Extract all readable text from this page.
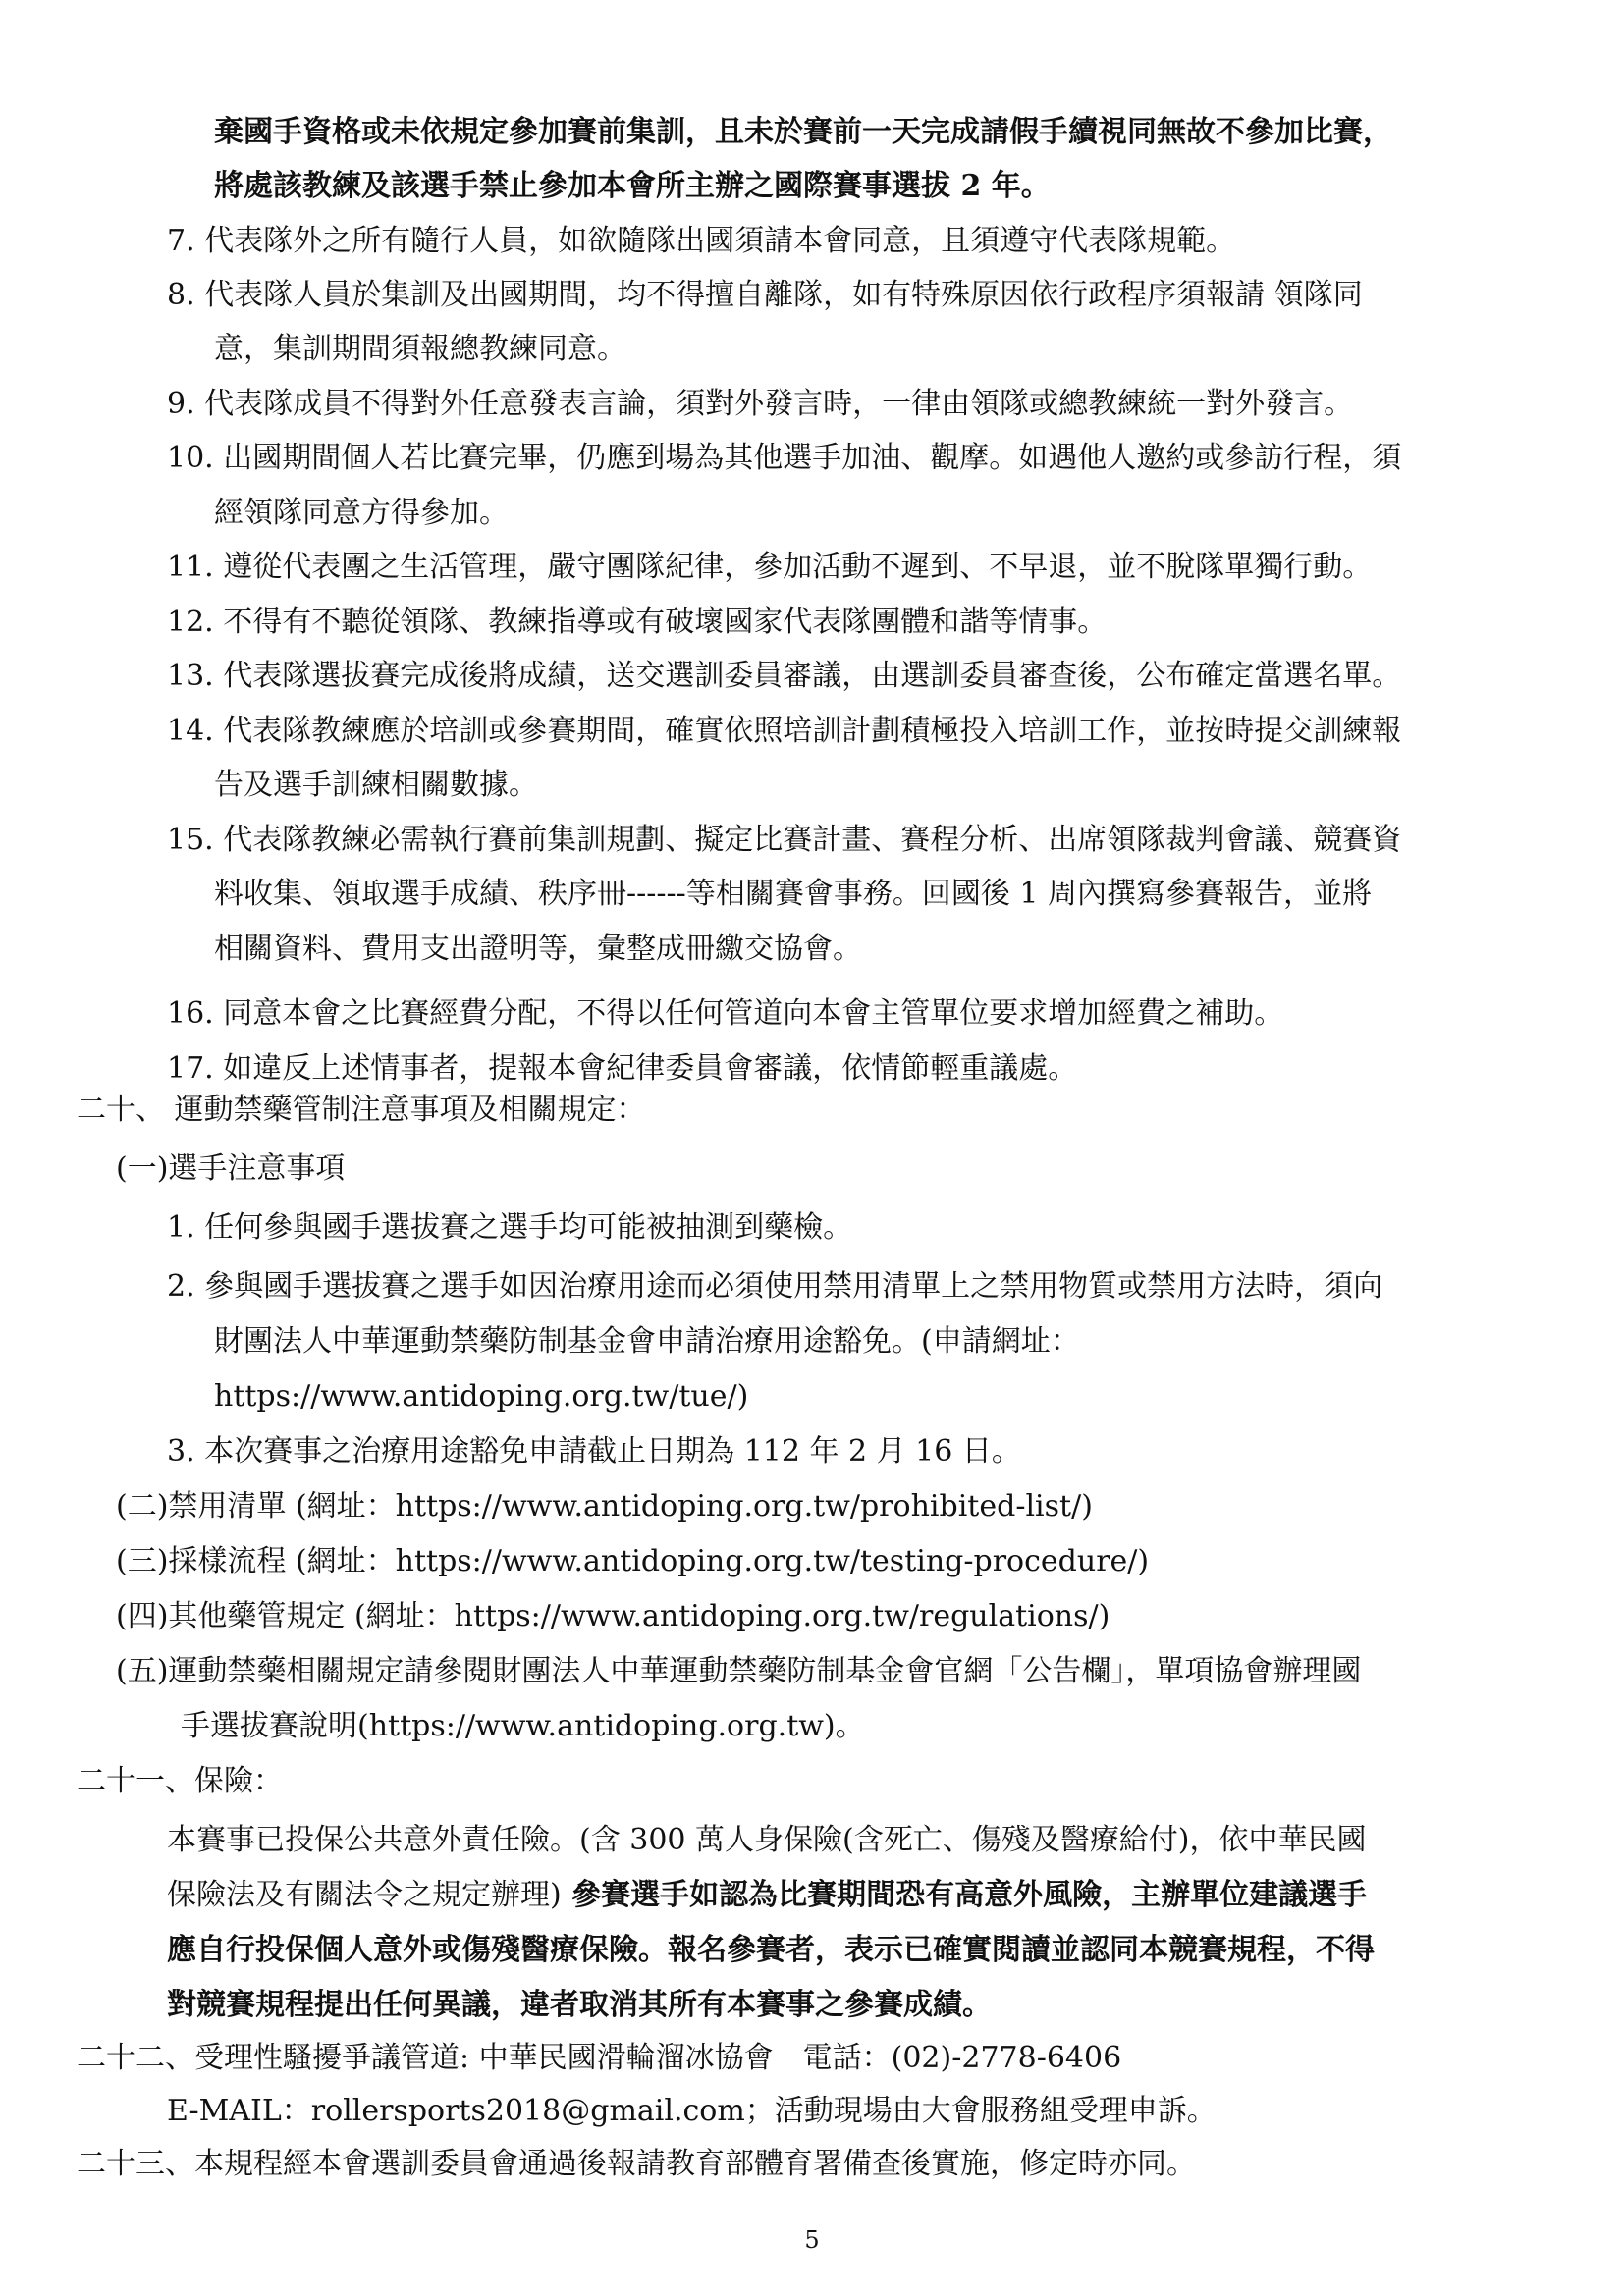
棄國手資格或未依規定參加賽前集訓，且未於賽前一天完成請假手續視同無故不參加比賽，
將處該教練及該選手禁止參加本會所主辦之國際賽事選拔 2 年。
7. 代表隊外之所有隨行人員，如欲隨隊出國須請本會同意，且須遵守代表隊規範。
8. 代表隊人員於集訓及出國期間，均不得擅自離隊，如有特殊原因依行政程序須報請 領隊同
意，集訓期間須報總教練同意。
9. 代表隊成員不得對外任意發表言論，須對外發言時，一律由領隊或總教練統一對外發言。
10. 出國期間個人若比賽完畢，仍應到場為其他選手加油、觀摩。如遇他人邀約或參訪行程，須
經領隊同意方得參加。
11. 遵從代表團之生活管理，嚴守團隊紀律，參加活動不遲到、不早退，並不脫隊單獨行動。
12. 不得有不聽從領隊、教練指導或有破壞國家代表隊團體和諧等情事。
13. 代表隊選拔賽完成後將成績，送交選訓委員審議，由選訓委員審查後，公布確定當選名單。
14. 代表隊教練應於培訓或參賽期間，確實依照培訓計劃積極投入培訓工作，並按時提交訓練報
告及選手訓練相關數據。
15. 代表隊教練必需執行賽前集訓規劃、擬定比賽計畫、賽程分析、出席領隊裁判會議、競賽資
料收集、領取選手成績、秩序冊------等相關賽會事務。回國後 1 周內撰寫參賽報告，並將
相關資料、費用支出證明等，彙整成冊繳交協會。
16. 同意本會之比賽經費分配，不得以任何管道向本會主管單位要求增加經費之補助。
17. 如違反上述情事者，提報本會紀律委員會審議，依情節輕重議處。
二十、 運動禁藥管制注意事項及相關規定：
(一)選手注意事項
1. 任何參與國手選拔賽之選手均可能被抽測到藥檢。
2. 參與國手選拔賽之選手如因治療用途而必須使用禁用清單上之禁用物質或禁用方法時，須向
財團法人中華運動禁藥防制基金會申請治療用途豁免。(申請網址：
https://www.antidoping.org.tw/tue/)
3. 本次賽事之治療用途豁免申請截止日期為 112 年 2 月 16 日。
(二)禁用清單 (網址：https://www.antidoping.org.tw/prohibited-list/)
(三)採樣流程 (網址：https://www.antidoping.org.tw/testing-procedure/)
(四)其他藥管規定 (網址：https://www.antidoping.org.tw/regulations/)
(五)運動禁藥相關規定請參閱財團法人中華運動禁藥防制基金會官網「公告欄」，單項協會辦理國
手選拔賽說明(https://www.antidoping.org.tw)。
二十一、保險：
本賽事已投保公共意外責任險。(含 300 萬人身保險(含死亡、傷殘及醫療給付)，依中華民國
保險法及有關法令之規定辦理) 參賽選手如認為比賽期間恐有高意外風險，主辦單位建議選手
應自行投保個人意外或傷殘醫療保險。報名參賽者，表示已確實閱讀並認同本競賽規程，不得
對競賽規程提出任何異議，違者取消其所有本賽事之參賽成績。
二十二、受理性騷擾爭議管道: 中華民國滑輪溜冰協會　電話：(02)-2778-6406
E-MAIL：rollersports2018@gmail.com；活動現場由大會服務組受理申訴。
二十三、本規程經本會選訓委員會通過後報請教育部體育署備查後實施，修定時亦同。
5
